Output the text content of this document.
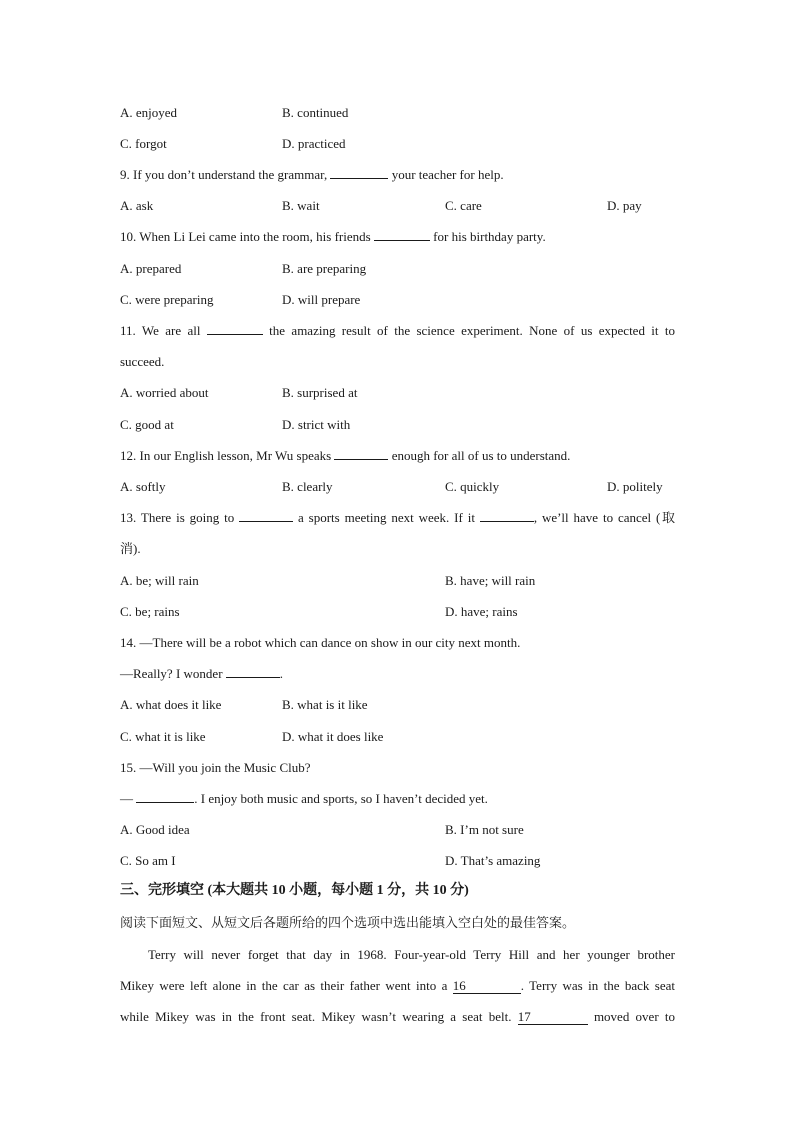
A. enjoyed	B. continued
C. forgot	D. practiced
9. If you don’t understand the grammar,	your teacher for help.
A. ask	B. wait	C. care	D. pay
10. When Li Lei came into the room, his friends	for his birthday party.
A. prepared	B. are preparing
C. were preparing	D. will prepare
11. We are all	the amazing result of the science experiment. None of us expected it to
succeed.
A. worried about	B. surprised at
C. good at	D. strict with
12. In our English lesson, Mr Wu speaks	enough for all of us to understand.
A. softly	B. clearly	C. quickly	D. politely
13. There is going to	a sports meeting next week. If it	, we’ll have to cancel (取
消).
A. be; will rain	B. have; will rain
C. be; rains	D. have; rains
14. —There will be a robot which can dance on show in our city next month.
—Really? I wonder	.
A. what does it like	B. what is it like
C. what it is like	D. what it does like
15. —Will you join the Music Club?
—	. I enjoy both music and sports, so I haven’t decided yet.
A. Good idea	B. I’m not sure
C. So am I	D. That’s amazing
三、完形填空 (本大题共 10 小题，每小题 1 分，共 10 分)
阅读下面短文、从短文后各题所给的四个选项中选出能填入空白处的最佳答案。
Terry will never forget that day in 1968. Four-year-old Terry Hill and her younger brother
Mikey were left alone in the car as their father went into a 16	. Terry was in the back seat
while Mikey was in the front seat. Mikey wasn’t wearing a seat belt. 17	moved over to
